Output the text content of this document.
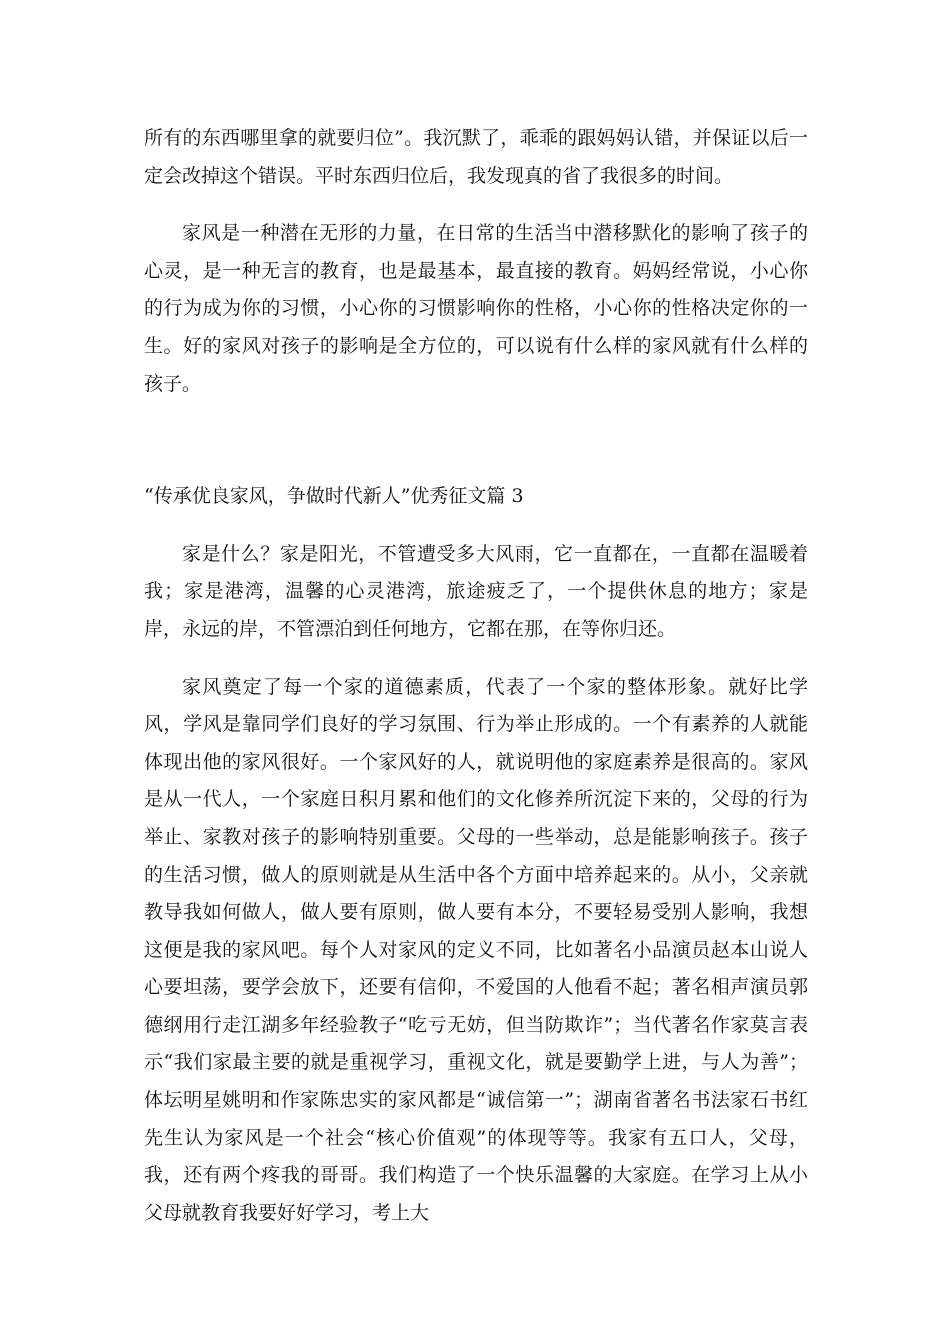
所有的东西哪里拿的就要归位”。我沉默了，乖乖的跟妈妈认错，并保证以后一定会改掉这个错误。平时东西归位后，我发现真的省了我很多的时间。

家风是一种潜在无形的力量，在日常的生活当中潜移默化的影响了孩子的心灵，是一种无言的教育，也是最基本，最直接的教育。妈妈经常说，小心你的行为成为你的习惯，小心你的习惯影响你的性格，小心你的性格决定你的一生。好的家风对孩子的影响是全方位的，可以说有什么样的家风就有什么样的孩子。

“传承优良家风，争做时代新人”优秀征文篇 3

家是什么？家是阳光，不管遭受多大风雨，它一直都在，一直都在温暖着我；家是港湾，温馨的心灵港湾，旅途疲乏了，一个提供休息的地方；家是岸，永远的岸，不管漂泊到任何地方，它都在那，在等你归还。

家风奠定了每一个家的道德素质，代表了一个家的整体形象。就好比学风，学风是靠同学们良好的学习氛围、行为举止形成的。一个有素养的人就能体现出他的家风很好。一个家风好的人，就说明他的家庭素养是很高的。家风是从一代人，一个家庭日积月累和他们的文化修养所沉淀下来的，父母的行为举止、家教对孩子的影响特别重要。父母的一些举动，总是能影响孩子。孩子的生活习惯，做人的原则就是从生活中各个方面中培养起来的。从小，父亲就教导我如何做人，做人要有原则，做人要有本分，不要轻易受别人影响，我想这便是我的家风吧。每个人对家风的定义不同，比如著名小品演员赵本山说人心要坦荡，要学会放下，还要有信仰，不爱国的人他看不起；著名相声演员郭德纲用行走江湖多年经验教子“吃亏无妨，但当防欺诈”；当代著名作家莫言表示“我们家最主要的就是重视学习，重视文化，就是要勤学上进，与人为善”；体坛明星姚明和作家陈忠实的家风都是“诚信第一”；湖南省著名书法家石书红先生认为家风是一个社会“核心价值观”的体现等等。我家有五口人，父母，我，还有两个疼我的哥哥。我们构造了一个快乐温馨的大家庭。在学习上从小父母就教育我要好好学习，考上大
